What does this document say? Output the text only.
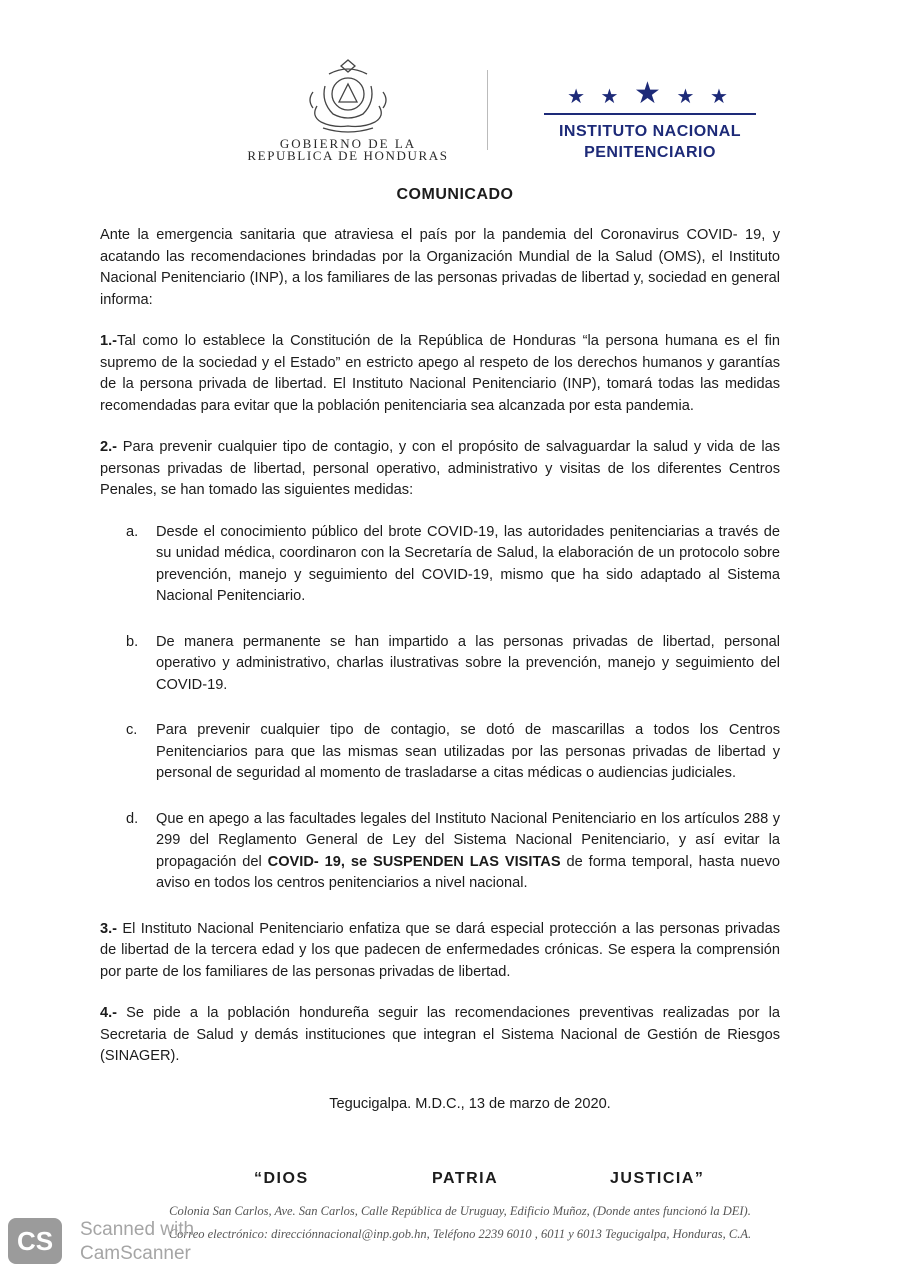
GOBIERNO DE LA
REPUBLICA DE HONDURAS
★ ★ ★ ★ ★
INSTITUTO NACIONAL
PENITENCIARIO
COMUNICADO

Ante la emergencia sanitaria que atraviesa el país por la pandemia del Coronavirus COVID- 19, y acatando las recomendaciones brindadas por la Organización Mundial de la Salud (OMS), el Instituto Nacional Penitenciario (INP), a los familiares de las personas privadas de libertad y, sociedad en general informa:

1.-Tal como lo establece la Constitución de la República de Honduras “la persona humana es el fin supremo de la sociedad y el Estado” en estricto apego al respeto de los derechos humanos y garantías de la persona privada de libertad. El Instituto Nacional Penitenciario (INP), tomará todas las medidas recomendadas para evitar que la población penitenciaria sea alcanzada por esta pandemia.

2.- Para prevenir cualquier tipo de contagio, y con el propósito de salvaguardar la salud y vida de las personas privadas de libertad, personal operativo, administrativo y visitas de los diferentes Centros Penales, se han tomado las siguientes medidas:

a. Desde el conocimiento público del brote COVID-19, las autoridades penitenciarias a través de su unidad médica, coordinaron con la Secretaría de Salud, la elaboración de un protocolo sobre prevención, manejo y seguimiento del COVID-19, mismo que ha sido adaptado al Sistema Nacional Penitenciario.
b. De manera permanente se han impartido a las personas privadas de libertad, personal operativo y administrativo, charlas ilustrativas sobre la prevención, manejo y seguimiento del COVID-19.
c. Para prevenir cualquier tipo de contagio, se dotó de mascarillas a todos los Centros Penitenciarios para que las mismas sean utilizadas por las personas privadas de libertad y personal de seguridad al momento de trasladarse a citas médicas o audiencias judiciales.
d. Que en apego a las facultades legales del Instituto Nacional Penitenciario en los artículos 288 y 299 del Reglamento General de Ley del Sistema Nacional Penitenciario, y así evitar la propagación del COVID- 19, se SUSPENDEN LAS VISITAS de forma temporal, hasta nuevo aviso en todos los centros penitenciarios a nivel nacional.

3.- El Instituto Nacional Penitenciario enfatiza que se dará especial protección a las personas privadas de libertad de la tercera edad y los que padecen de enfermedades crónicas. Se espera la comprensión por parte de los familiares de las personas privadas de libertad.

4.- Se pide a la población hondureña seguir las recomendaciones preventivas realizadas por la Secretaria de Salud y demás instituciones que integran el Sistema Nacional de Gestión de Riesgos (SINAGER).

Tegucigalpa. M.D.C., 13 de marzo de 2020.
“DIOS	PATRIA	JUSTICIA”
Colonia San Carlos, Ave. San Carlos, Calle República de Uruguay, Edificio Muñoz, (Donde antes funcionó la DEI).
Correo electrónico: direcciónnacional@inp.gob.hn, Teléfono 2239 6010 , 6011 y 6013 Tegucigalpa, Honduras, C.A.
CS	Scanned with
CamScanner
